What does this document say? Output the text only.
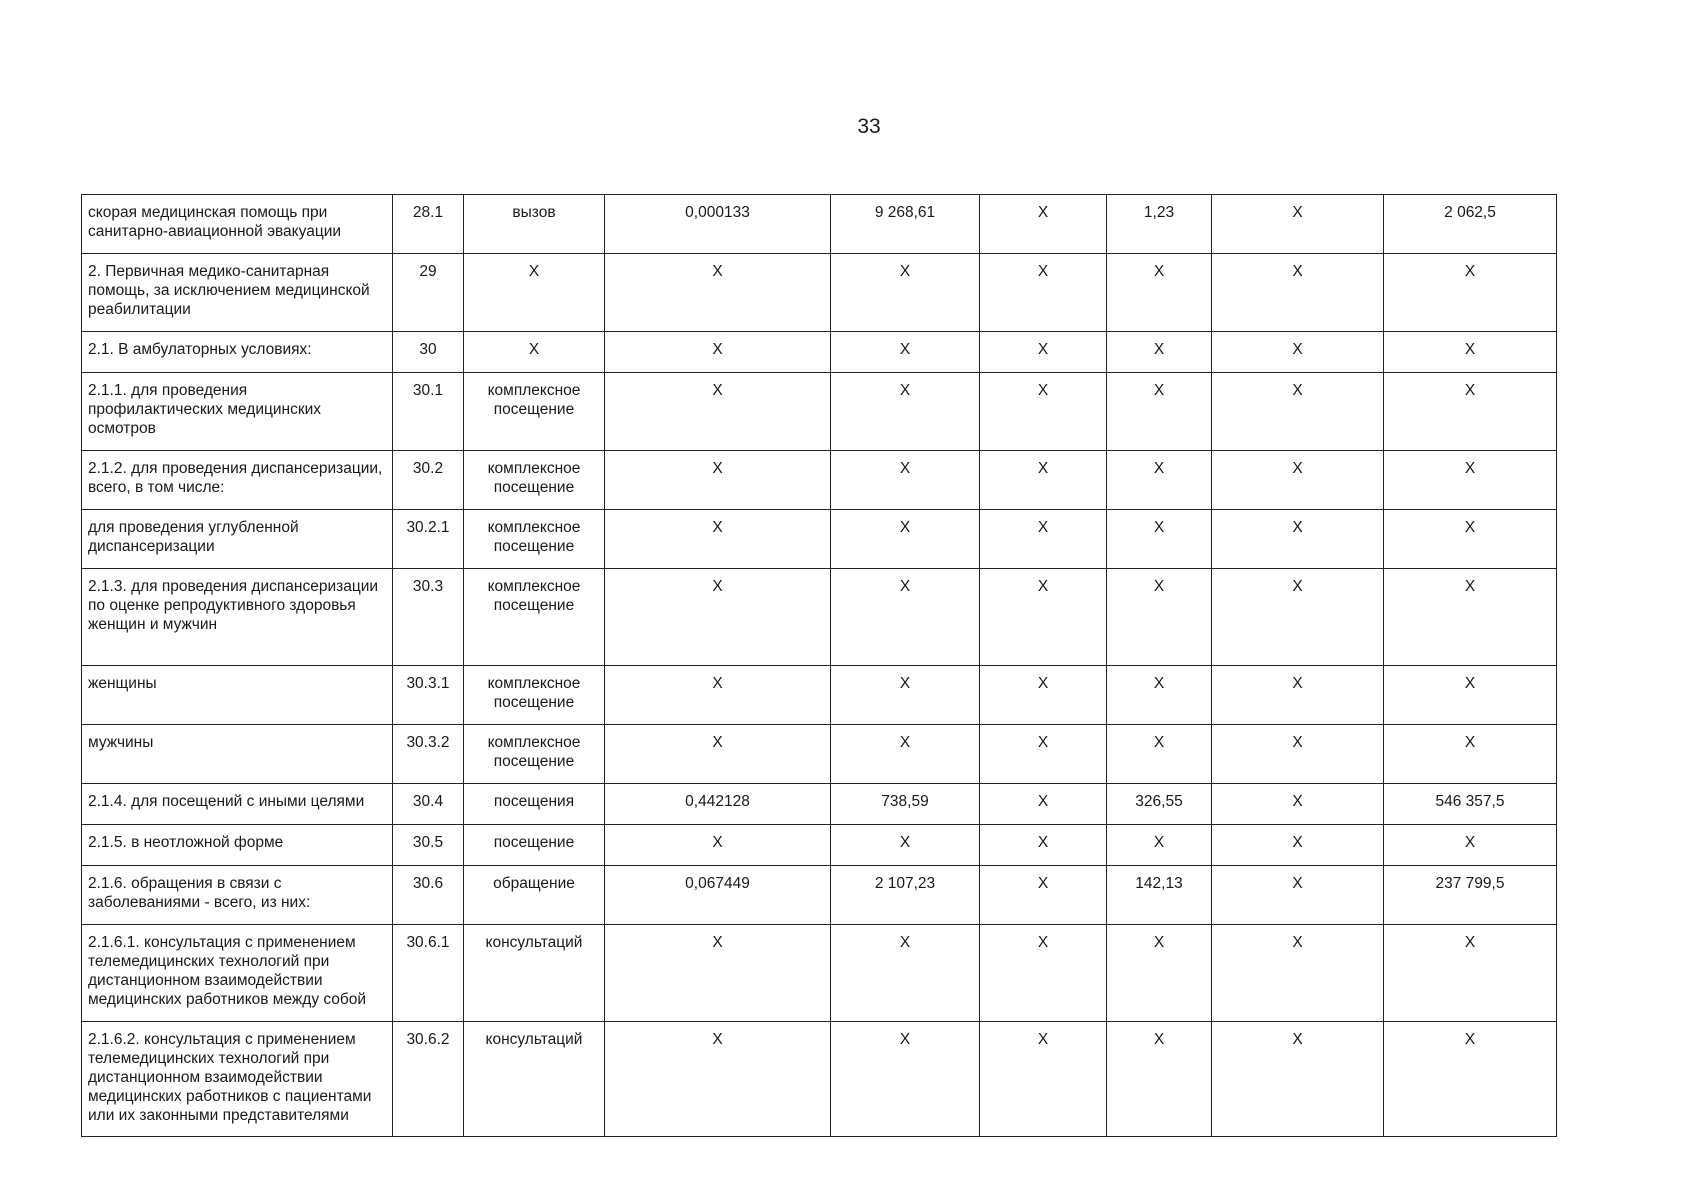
33
скорая медицинская помощь при санитарно-авиационной эвакуации	28.1	вызов	0,000133	9 268,61	X	1,23	X	2 062,5
2. Первичная медико-санитарная помощь, за исключением медицинской реабилитации	29	X	X	X	X	X	X	X
2.1. В амбулаторных условиях:	30	X	X	X	X	X	X	X
2.1.1. для проведения профилактических медицинских осмотров	30.1	комплексное посещение	X	X	X	X	X	X
2.1.2. для проведения диспансеризации, всего, в том числе:	30.2	комплексное посещение	X	X	X	X	X	X
для проведения углубленной диспансеризации	30.2.1	комплексное посещение	X	X	X	X	X	X
2.1.3. для проведения диспансеризации по оценке репродуктивного здоровья женщин и мужчин	30.3	комплексное посещение	X	X	X	X	X	X
женщины	30.3.1	комплексное посещение	X	X	X	X	X	X
мужчины	30.3.2	комплексное посещение	X	X	X	X	X	X
2.1.4. для посещений с иными целями	30.4	посещения	0,442128	738,59	X	326,55	X	546 357,5
2.1.5. в неотложной форме	30.5	посещение	X	X	X	X	X	X
2.1.6. обращения в связи с заболеваниями - всего, из них:	30.6	обращение	0,067449	2 107,23	X	142,13	X	237 799,5
2.1.6.1. консультация с применением телемедицинских технологий при дистанционном взаимодействии медицинских работников между собой	30.6.1	консультаций	X	X	X	X	X	X
2.1.6.2. консультация с применением телемедицинских технологий при дистанционном взаимодействии медицинских работников с пациентами или их законными представителями	30.6.2	консультаций	X	X	X	X	X	X
